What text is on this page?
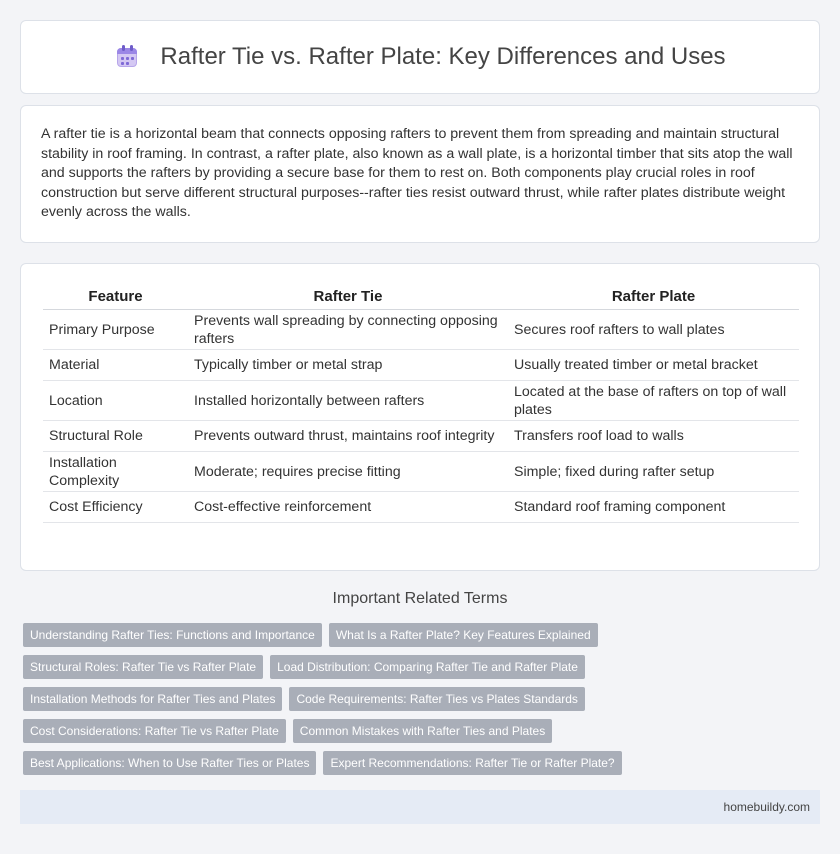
Rafter Tie vs. Rafter Plate: Key Differences and Uses

A rafter tie is a horizontal beam that connects opposing rafters to prevent them from spreading and maintain structural stability in roof framing. In contrast, a rafter plate, also known as a wall plate, is a horizontal timber that sits atop the wall and supports the rafters by providing a secure base for them to rest on. Both components play crucial roles in roof construction but serve different structural purposes--rafter ties resist outward thrust, while rafter plates distribute weight evenly across the walls.

Feature	Rafter Tie	Rafter Plate
Primary Purpose	Prevents wall spreading by connecting opposing rafters	Secures roof rafters to wall plates
Material	Typically timber or metal strap	Usually treated timber or metal bracket
Location	Installed horizontally between rafters	Located at the base of rafters on top of wall plates
Structural Role	Prevents outward thrust, maintains roof integrity	Transfers roof load to walls
Installation Complexity	Moderate; requires precise fitting	Simple; fixed during rafter setup
Cost Efficiency	Cost-effective reinforcement	Standard roof framing component
Important Related Terms
Understanding Rafter Ties: Functions and Importance	What Is a Rafter Plate? Key Features Explained
Structural Roles: Rafter Tie vs Rafter Plate	Load Distribution: Comparing Rafter Tie and Rafter Plate
Installation Methods for Rafter Ties and Plates	Code Requirements: Rafter Ties vs Plates Standards
Cost Considerations: Rafter Tie vs Rafter Plate	Common Mistakes with Rafter Ties and Plates
Best Applications: When to Use Rafter Ties or Plates	Expert Recommendations: Rafter Tie or Rafter Plate?
homebuildy.com
